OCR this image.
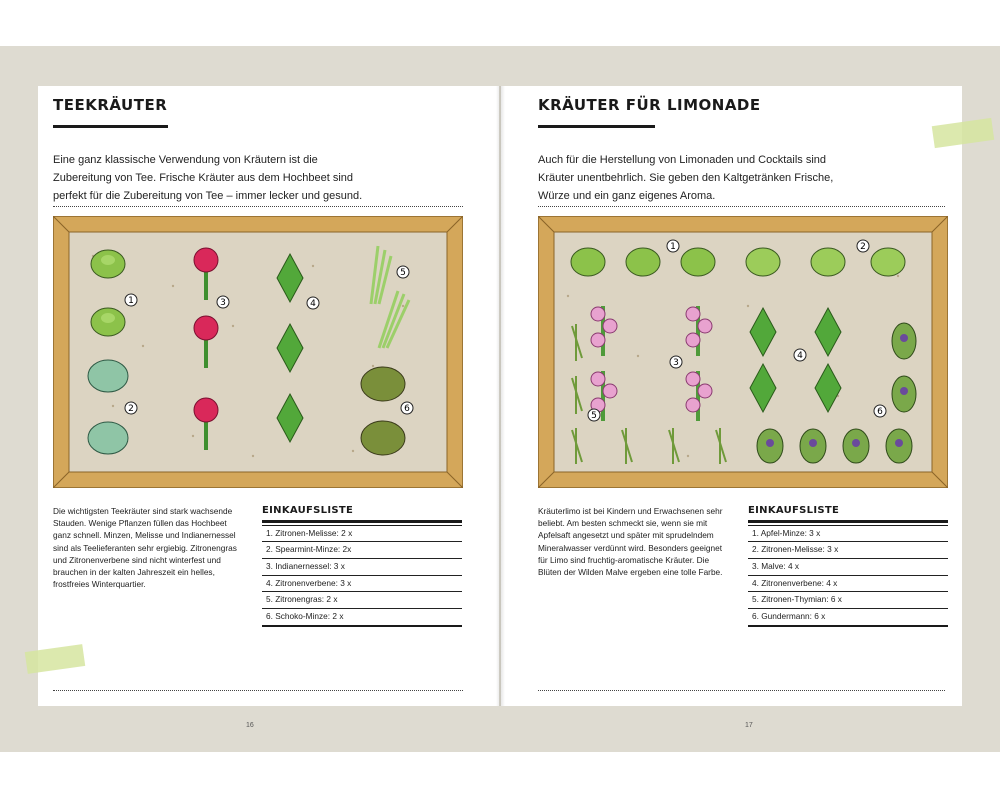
TEEKRÄUTER

Eine ganz klassische Verwendung von Kräutern ist die Zubereitung von Tee. Frische Kräuter aus dem Hochbeet sind perfekt für die Zubereitung von Tee – immer lecker und gesund.

1
2
3	4
5
6

Die wichtigsten Teekräuter sind stark wachsende Stauden. Wenige Pflanzen füllen das Hochbeet ganz schnell. Minzen, Melisse und Indianernessel sind als Teelieferanten sehr ergiebig. Zitronengras und Zitronenverbene sind nicht winterfest und brauchen in der kalten Jahreszeit ein helles, frostfreies Winterquartier.

EINKAUFSLISTE
1. Zitronen-Melisse: 2 x
2. Spearmint-Minze: 2x
3. Indianernessel: 3 x
4. Zitronenverbene: 3 x
5. Zitronengras: 2 x
6. Schoko-Minze: 2 x
16
KRÄUTER FÜR LIMONADE

Auch für die Herstellung von Limonaden und Cocktails sind Kräuter unentbehrlich. Sie geben den Kaltgetränken Frische, Würze und ein ganz eigenes Aroma.

1	2
3
4
5	6

Kräuterlimo ist bei Kindern und Erwachsenen sehr beliebt. Am besten schmeckt sie, wenn sie mit Apfelsaft angesetzt und später mit sprudelndem Mineralwasser verdünnt wird. Besonders geeignet für Limo sind fruchtig-aromatische Kräuter. Die Blüten der Wilden Malve ergeben eine tolle Farbe.

EINKAUFSLISTE
1. Apfel-Minze: 3 x
2. Zitronen-Melisse: 3 x
3. Malve: 4 x
4. Zitronenverbene: 4 x
5. Zitronen-Thymian: 6 x
6. Gundermann: 6 x
17
